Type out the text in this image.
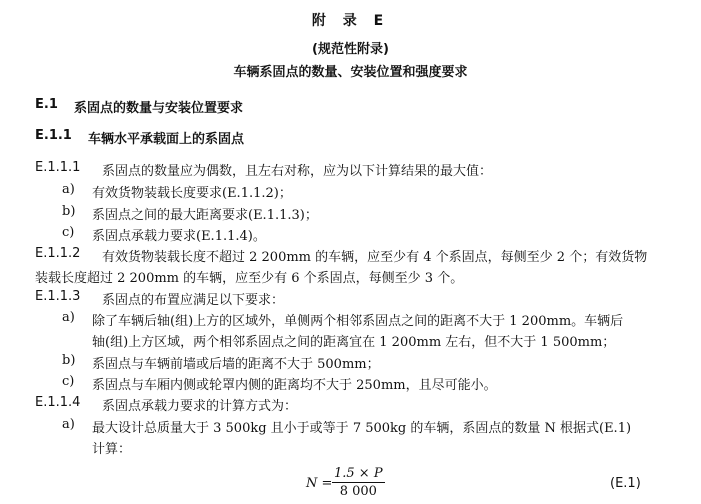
附 录 E
(规范性附录)
车辆系固点的数量、安装位置和强度要求
E.1 系固点的数量与安装位置要求
E.1.1 车辆水平承载面上的系固点
E.1.1.1 系固点的数量应为偶数，且左右对称，应为以下计算结果的最大值：
a) 有效货物装载长度要求(E.1.1.2)；
b) 系固点之间的最大距离要求(E.1.1.3)；
c) 系固点承载力要求(E.1.1.4)。
E.1.1.2 有效货物装载长度不超过 2 200mm 的车辆，应至少有 4 个系固点，每侧至少 2 个；有效货物
装载长度超过 2 200mm 的车辆，应至少有 6 个系固点，每侧至少 3 个。
E.1.1.3 系固点的布置应满足以下要求：
a) 除了车辆后轴(组)上方的区域外，单侧两个相邻系固点之间的距离不大于 1 200mm。车辆后
轴(组)上方区域，两个相邻系固点之间的距离宜在 1 200mm 左右，但不大于 1 500mm；
b) 系固点与车辆前墙或后墙的距离不大于 500mm；
c) 系固点与车厢内侧或轮罩内侧的距离均不大于 250mm，且尽可能小。
E.1.1.4 系固点承载力要求的计算方式为：
a) 最大设计总质量大于 3 500kg 且小于或等于 7 500kg 的车辆，系固点的数量 N 根据式(E.1)
计算：
$N = \frac{1.5 \times P}{8 000}$	(E.1)
